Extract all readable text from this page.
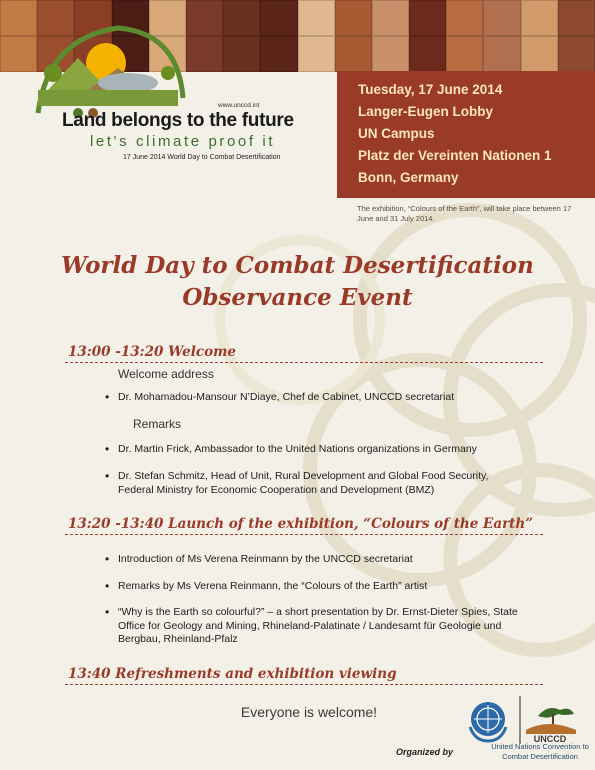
www.unccd.int
Land belongs to the future
let's climate proof it
17 June 2014 World Day to Combat Desertification
Tuesday, 17 June 2014
Langer-Eugen Lobby
UN Campus
Platz der Vereinten Nationen 1
Bonn, Germany
The exhibition, “Colours of the Earth”, will take place between 17 June and 31 July 2014.
World Day to Combat Desertification
Observance Event
13:00 -13:20 Welcome
Welcome address
• Dr. Mohamadou-Mansour N’Diaye, Chef de Cabinet, UNCCD secretariat
Remarks
• Dr. Martin Frick, Ambassador to the United Nations organizations in Germany
• Dr. Stefan Schmitz, Head of Unit, Rural Development and Global Food Security, Federal Ministry for Economic Cooperation and Development (BMZ)
13:20 -13:40 Launch of the exhibition, “Colours of the Earth”
• Introduction of Ms Verena Reinmann by the UNCCD secretariat
• Remarks by Ms Verena Reinmann, the “Colours of the Earth” artist
• “Why is the Earth so colourful?” – a short presentation by Dr. Ernst-Dieter Spies, State Office for Geology and Mining, Rhineland-Palatinate / Landesamt für Geologie und Bergbau, Rheinland-Pfalz
13:40 Refreshments and exhibition viewing
Everyone is welcome!
Organized by
UNCCD
United Nations Convention to Combat Desertification
